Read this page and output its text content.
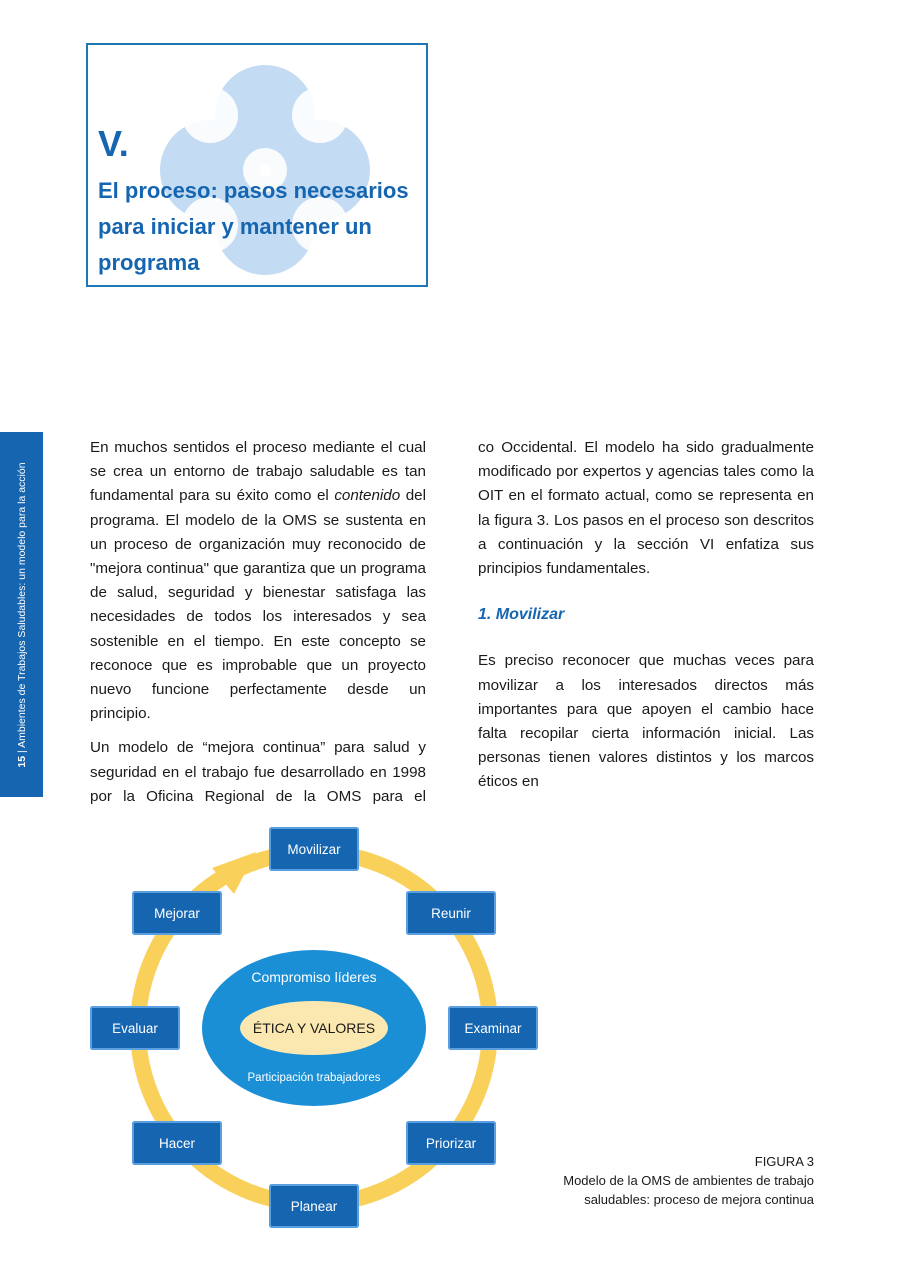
V.
El proceso: pasos necesarios para iniciar y mantener un programa
15 | Ambientes de Trabajos Saludables: un modelo para la acción

En muchos sentidos el proceso mediante el cual se crea un entorno de trabajo saludable es tan fundamental para su éxito como el contenido del programa. El modelo de la OMS se sustenta en un proceso de organización muy reconocido de "mejora continua" que garantiza que un programa de salud, seguridad y bienestar satisfaga las necesidades de todos los interesados y sea sostenible en el tiempo. En este concepto se reconoce que es improbable que un proyecto nuevo funcione perfectamente desde un principio.

Un modelo de “mejora continua” para salud y seguridad en el trabajo fue desarrollado en 1998 por la Oficina Regional de la OMS para el

co Occidental. El modelo ha sido gradualmente modificado por expertos y agencias tales como la OIT en el formato actual, como se representa en la figura 3. Los pasos en el proceso son descritos a continuación y la sección VI enfatiza sus principios fundamentales.

1. Movilizar

Es preciso reconocer que muchas veces para movilizar a los interesados directos más importantes para que apoyen el cambio hace falta recopilar cierta información inicial. Las personas tienen valores distintos y los marcos éticos en

Compromiso líderes
ÉTICA Y VALORES
Participación trabajadores
Movilizar
Reunir
Examinar
Priorizar
Planear
Hacer
Evaluar
Mejorar
FIGURA 3
Modelo de la OMS de ambientes de trabajo
saludables: proceso de mejora continua
